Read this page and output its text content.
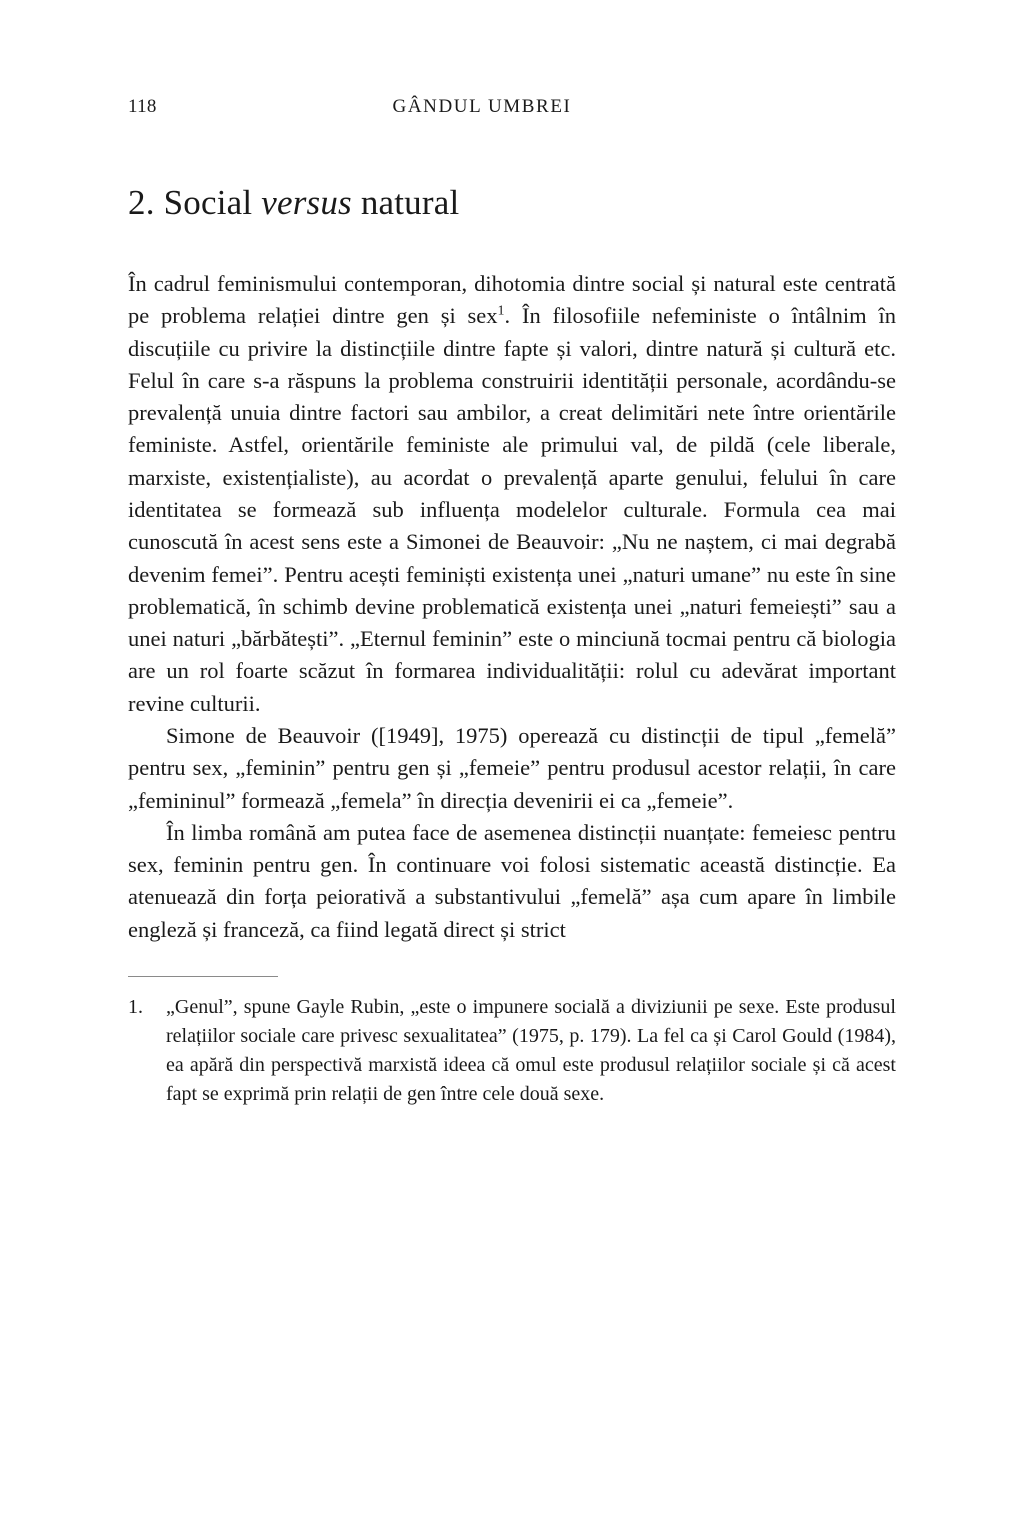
118	GÂNDUL UMBREI
2. Social versus natural

În cadrul feminismului contemporan, dihotomia dintre social și natural este centrată pe problema relației dintre gen și sex$^1$. În filosofiile nefeministe o întâlnim în discuțiile cu privire la distincțiile dintre fapte și valori, dintre natură și cultură etc. Felul în care s-a răspuns la problema construirii identității personale, acordându-se prevalență unuia dintre factori sau ambilor, a creat delimitări nete între orientările feministe. Astfel, orientările feministe ale primului val, de pildă (cele liberale, marxiste, existențialiste), au acordat o prevalență aparte genului, felului în care identitatea se formează sub influența modelelor culturale. Formula cea mai cunoscută în acest sens este a Simonei de Beauvoir: „Nu ne naștem, ci mai degrabă devenim femei”. Pentru acești feminiști existența unei „naturi umane” nu este în sine problematică, în schimb devine problematică existența unei „naturi femeiești” sau a unei naturi „bărbătești”. „Eternul feminin” este o minciună tocmai pentru că biologia are un rol foarte scăzut în formarea individualității: rolul cu adevărat important revine culturii.

Simone de Beauvoir ([1949], 1975) operează cu distincții de tipul „femelă” pentru sex, „feminin” pentru gen și „femeie” pentru produsul acestor relații, în care „femininul” formează „femela” în direcția devenirii ei ca „femeie”.

În limba română am putea face de asemenea distincții nuanțate: femeiesc pentru sex, feminin pentru gen. În continuare voi folosi sistematic această distincție. Ea atenuează din forța peiorativă a substantivului „femelă” așa cum apare în limbile engleză și franceză, ca fiind legată direct și strict

1.	„Genul”, spune Gayle Rubin, „este o impunere socială a diviziunii pe sexe. Este produsul relațiilor sociale care privesc sexualitatea” (1975, p. 179). La fel ca și Carol Gould (1984), ea apără din perspectivă marxistă ideea că omul este produsul relațiilor sociale și că acest fapt se exprimă prin relații de gen între cele două sexe.
